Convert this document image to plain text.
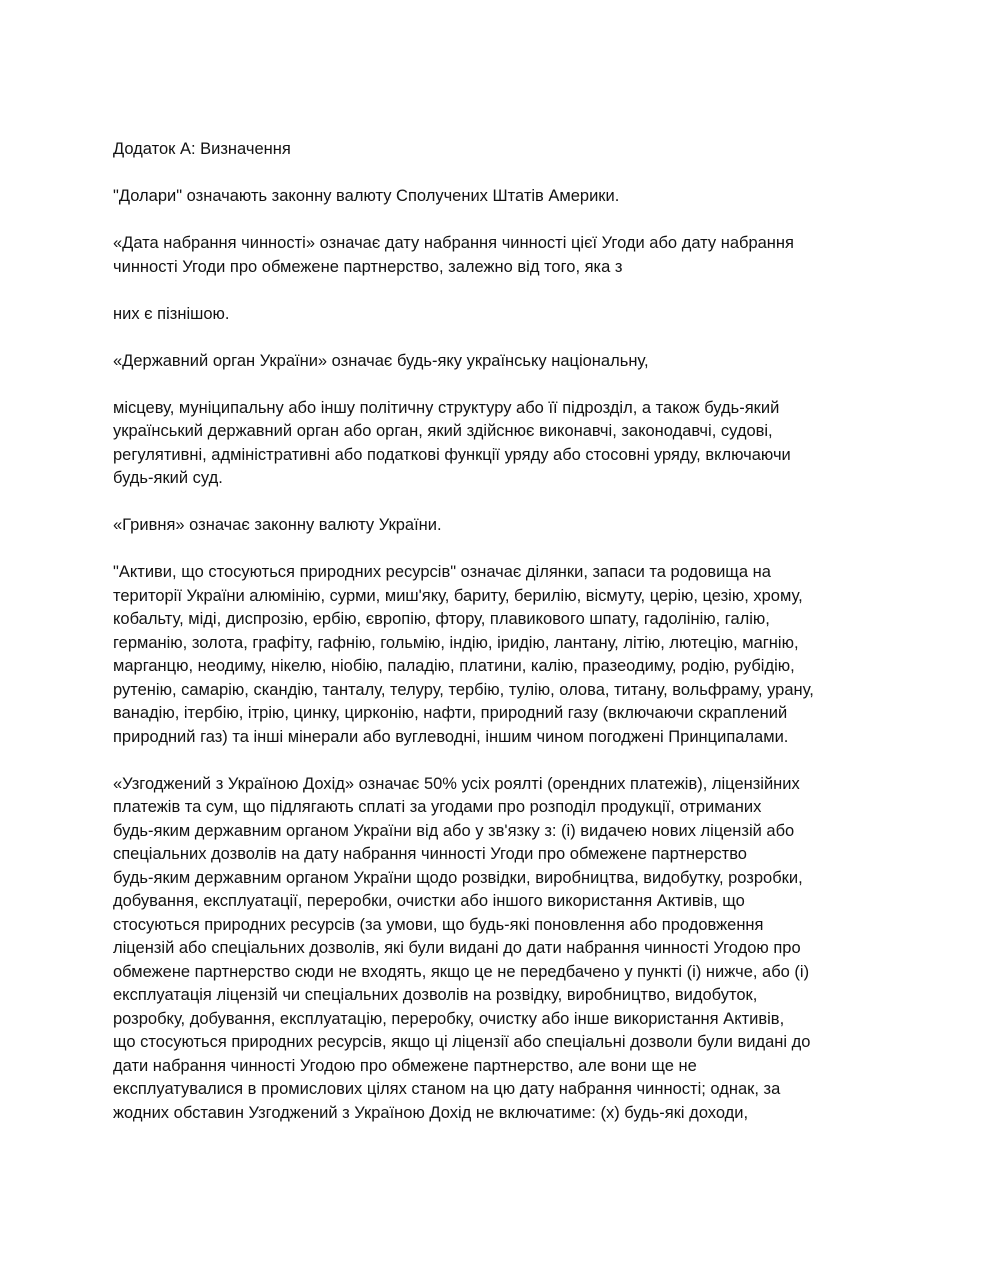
Додаток А: Визначення

"Долари" означають законну валюту Сполучених Штатів Америки.

«Дата набрання чинності» означає дату набрання чинності цієї Угоди або дату набрання
чинності Угоди про обмежене партнерство, залежно від того, яка з

них є пізнішою.

«Державний орган України» означає будь-яку українську національну,

місцеву, муніципальну або іншу політичну структуру або її підрозділ, а також будь-який
український державний орган або орган, який здійснює виконавчі, законодавчі, судові,
регулятивні, адміністративні або податкові функції уряду або стосовні уряду, включаючи
будь-який суд.

«Гривня» означає законну валюту України.

"Активи, що стосуються природних ресурсів" означає ділянки, запаси та родовища на
території України алюмінію, сурми, миш'яку, бариту, берилію, вісмуту, церію, цезію, хрому,
кобальту, міді, диспрозію, ербію, європію, фтору, плавикового шпату, гадолінію, галію,
германію, золота, графіту, гафнію, гольмію, індію, іридію, лантану, літію, лютецію, магнію,
марганцю, неодиму, нікелю, ніобію, паладію, платини, калію, празеодиму, родію, рубідію,
рутенію, самарію, скандію, танталу, телуру, тербію, тулію, олова, титану, вольфраму, урану,
ванадію, ітербію, ітрію, цинку, цирконію, нафти, природний газу (включаючи скраплений
природний газ) та інші мінерали або вуглеводні, іншим чином погоджені Принципалами.

«Узгоджений з Україною Дохід» означає 50% усіх роялті (орендних платежів), ліцензійних
платежів та сум, що підлягають сплаті за угодами про розподіл продукції, отриманих
будь-яким державним органом України від або у зв'язку з: (і) видачею нових ліцензій або
спеціальних дозволів на дату набрання чинності Угоди про обмежене партнерство
будь-яким державним органом України щодо розвідки, виробництва, видобутку, розробки,
добування, експлуатації, переробки, очистки або іншого використання Активів, що
стосуються природних ресурсів (за умови, що будь-які поновлення або продовження
ліцензій або спеціальних дозволів, які були видані до дати набрання чинності Угодою про
обмежене партнерство сюди не входять, якщо це не передбачено у пункті (і) нижче, або (і)
експлуатація ліцензій чи спеціальних дозволів на розвідку, виробництво, видобуток,
розробку, добування, експлуатацію, переробку, очистку або інше використання Активів,
що стосуються природних ресурсів, якщо ці ліцензії або спеціальні дозволи були видані до
дати набрання чинності Угодою про обмежене партнерство, але вони ще не
експлуатувалися в промислових цілях станом на цю дату набрання чинності; однак, за
жодних обставин Узгоджений з Україною Дохід не включатиме: (x) будь-які доходи,
